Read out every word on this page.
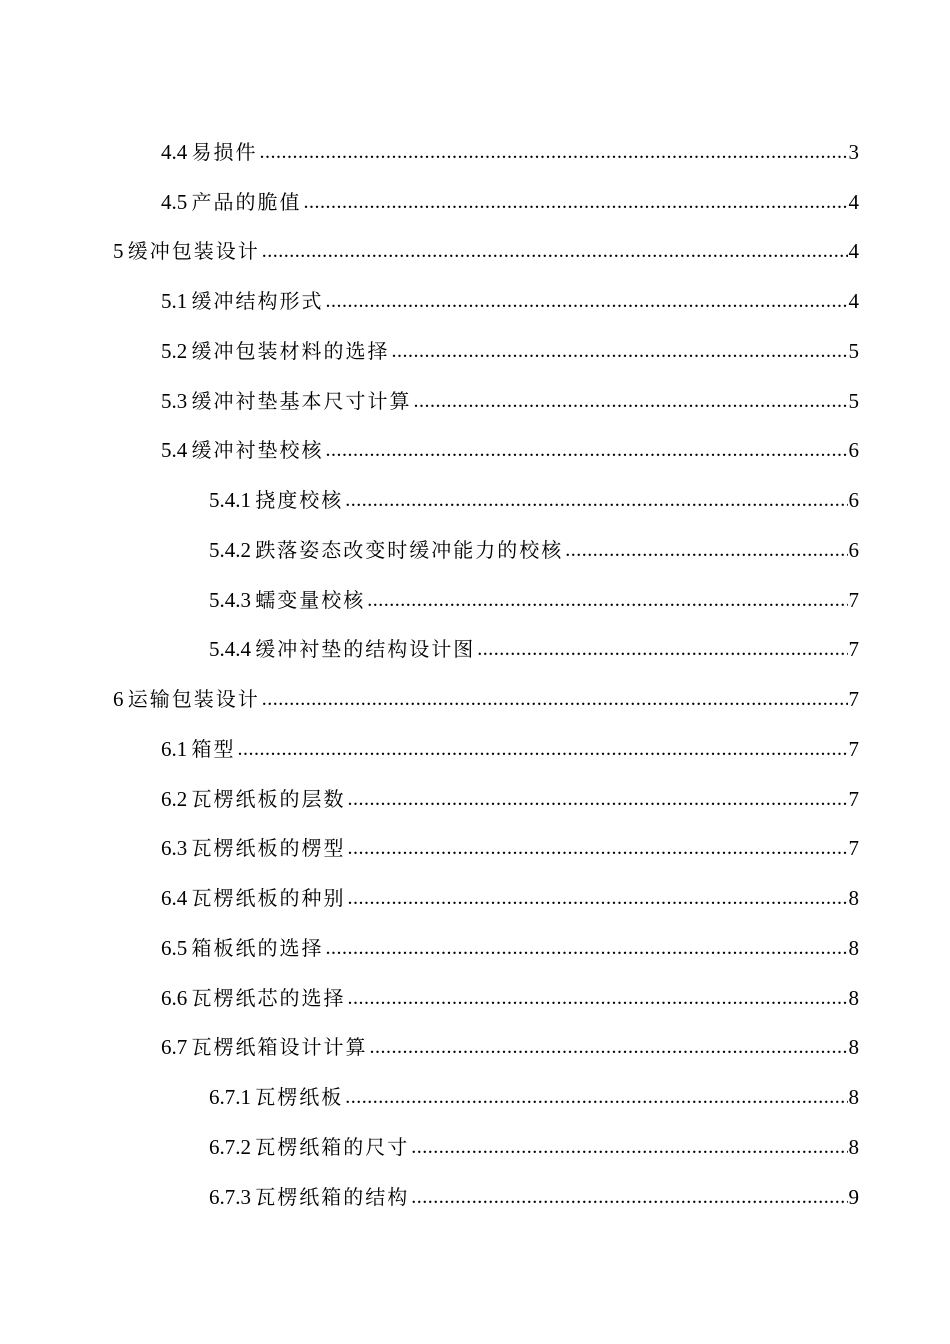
4.4  易损件 .....	3
4.5  产品的脆值 .....	4
5  缓冲包装设计 .....	4
5.1  缓冲结构形式 .....	4
5.2  缓冲包装材料的选择 .....	5
5.3  缓冲衬垫基本尺寸计算 .....	5
5.4  缓冲衬垫校核 .....	6
5.4.1  挠度校核 .....	6
5.4.2  跌落姿态改变时缓冲能力的校核 .....	6
5.4.3  蠕变量校核 .....	7
5.4.4  缓冲衬垫的结构设计图 .....	7
6  运输包装设计 .....	7
6.1  箱型 .....	7
6.2  瓦楞纸板的层数 .....	7
6.3  瓦楞纸板的楞型 .....	7
6.4  瓦楞纸板的种别 .....	8
6.5  箱板纸的选择 .....	8
6.6  瓦楞纸芯的选择 .....	8
6.7  瓦楞纸箱设计计算 .....	8
6.7.1  瓦楞纸板 .....	8
6.7.2  瓦楞纸箱的尺寸 .....	8
6.7.3  瓦楞纸箱的结构 .....	9
